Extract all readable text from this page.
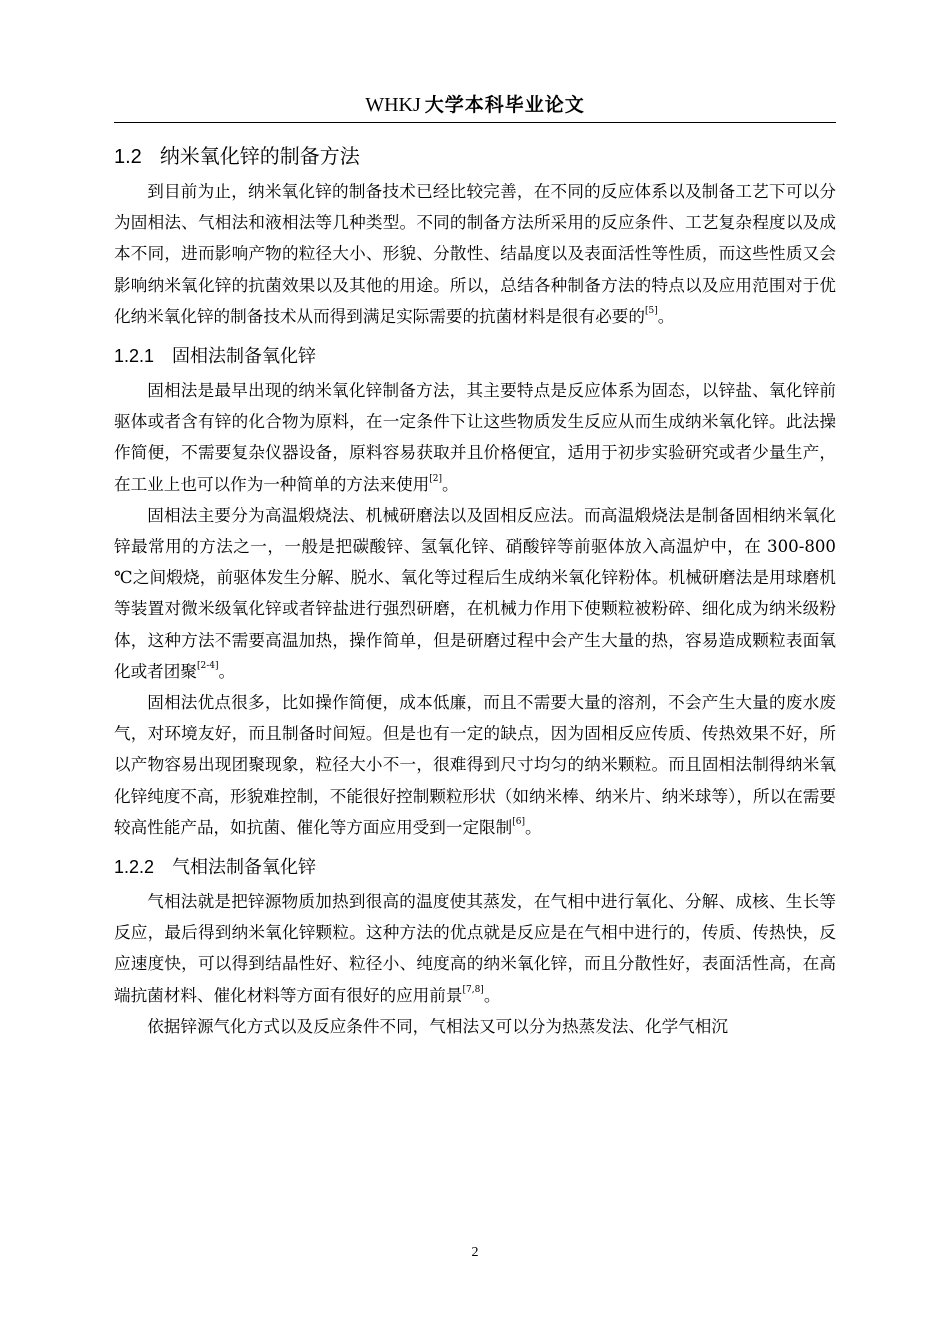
WHKJ 大学本科毕业论文
1.2 纳米氧化锌的制备方法

到目前为止，纳米氧化锌的制备技术已经比较完善，在不同的反应体系以及制备工艺下可以分为固相法、气相法和液相法等几种类型。不同的制备方法所采用的反应条件、工艺复杂程度以及成本不同，进而影响产物的粒径大小、形貌、分散性、结晶度以及表面活性等性质，而这些性质又会影响纳米氧化锌的抗菌效果以及其他的用途。所以，总结各种制备方法的特点以及应用范围对于优化纳米氧化锌的制备技术从而得到满足实际需要的抗菌材料是很有必要的[5]。

1.2.1 固相法制备氧化锌

固相法是最早出现的纳米氧化锌制备方法，其主要特点是反应体系为固态，以锌盐、氧化锌前驱体或者含有锌的化合物为原料，在一定条件下让这些物质发生反应从而生成纳米氧化锌。此法操作简便，不需要复杂仪器设备，原料容易获取并且价格便宜，适用于初步实验研究或者少量生产，在工业上也可以作为一种简单的方法来使用[2]。

固相法主要分为高温煅烧法、机械研磨法以及固相反应法。而高温煅烧法是制备固相纳米氧化锌最常用的方法之一，一般是把碳酸锌、氢氧化锌、硝酸锌等前驱体放入高温炉中，在 300-800 ℃之间煅烧，前驱体发生分解、脱水、氧化等过程后生成纳米氧化锌粉体。机械研磨法是用球磨机等装置对微米级氧化锌或者锌盐进行强烈研磨，在机械力作用下使颗粒被粉碎、细化成为纳米级粉体，这种方法不需要高温加热，操作简单，但是研磨过程中会产生大量的热，容易造成颗粒表面氧化或者团聚[2-4]。

固相法优点很多，比如操作简便，成本低廉，而且不需要大量的溶剂，不会产生大量的废水废气，对环境友好，而且制备时间短。但是也有一定的缺点，因为固相反应传质、传热效果不好，所以产物容易出现团聚现象，粒径大小不一，很难得到尺寸均匀的纳米颗粒。而且固相法制得纳米氧化锌纯度不高，形貌难控制，不能很好控制颗粒形状（如纳米棒、纳米片、纳米球等），所以在需要较高性能产品，如抗菌、催化等方面应用受到一定限制[6]。

1.2.2 气相法制备氧化锌

气相法就是把锌源物质加热到很高的温度使其蒸发，在气相中进行氧化、分解、成核、生长等反应，最后得到纳米氧化锌颗粒。这种方法的优点就是反应是在气相中进行的，传质、传热快，反应速度快，可以得到结晶性好、粒径小、纯度高的纳米氧化锌，而且分散性好，表面活性高，在高端抗菌材料、催化材料等方面有很好的应用前景[7,8]。

依据锌源气化方式以及反应条件不同，气相法又可以分为热蒸发法、化学气相沉

2
